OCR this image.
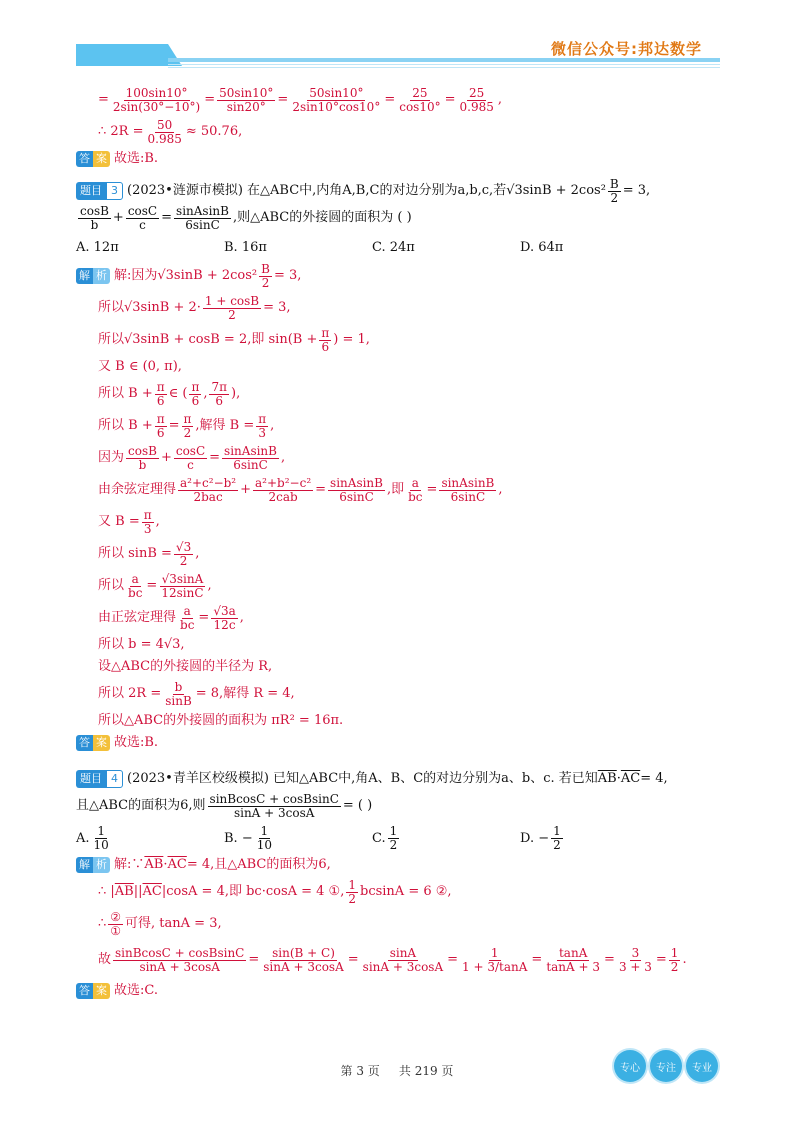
微信公众号:邦达数学
= $\frac{100\sin 10^\circ}{2\sin(30^\circ-10^\circ)} = \frac{50\sin 10^\circ}{\sin 20^\circ} = \frac{50\sin 10^\circ}{2\sin 10^\circ\cos 10^\circ} = \frac{25}{\cos 10^\circ} = \frac{25}{0.985}$ ,
∴ $2R = \frac{50}{0.985} \approx 50.76$,
答 案 故选:B.
题目 3 (2023•涟源市模拟) 在△ABC中,内角A,B,C的对边分别为a,b,c,若$√3\sin B + 2\cos^2 \frac{B}{2} = 3$,
$\frac{\cos B}{b} + \frac{\cos C}{c} = \frac{\text{sinAsinB}}{6\sin C}$ ,则△ABC的外接圆的面积为 ( )
A. 12π	B. 16π	C. 24π	D. 64π
解 析 解:因为$√3\sin B + 2\cos^2 \frac{B}{2} = 3$,
所以$√3\sin B + 2\cdot \frac{1 + \cos B}{2} = 3$,
所以√3sinB + cosB = 2,即 $\sin(B + \frac{\pi}{6}$ ) = 1,
又 B ∈ (0, π),
所以 $B + \frac{\pi}{6}$ ∈ ( $\frac{\pi}{6}$ , $\frac{7\pi}{6}$ ),
所以 $B + \frac{\pi}{6} = \frac{\pi}{2}$ ,解得 $B = \frac{\pi}{3}$ ,
因为 $\frac{\cos B}{b} + \frac{\cos C}{c} = \frac{\text{sinAsinB}}{6\sin C}$ ,
由余弦定理得 $\frac{\text{a²+c²−b²}}{\text{2bac}} + \frac{\text{a²+b²−c²}}{\text{2cab}} = \frac{\text{sinAsinB}}{6\sin C}$ ,即 $\frac{a}{bc} = \frac{\text{sinAsinB}}{6\sin C}$ ,
又 $B = \frac{\pi}{3}$ ,
所以 $\sin B = \frac{√3}{2}$ ,
所以 $\frac{a}{bc} = \frac{√3\sin A}{12\sin C}$ ,
由正弦定理得 $\frac{a}{bc} = \frac{√3a}{12c}$ ,
所以 b = 4√3,
设△ABC的外接圆的半径为 R,
所以 $2R = \frac{b}{\sin B} = 8$,解得 R = 4,
所以△ABC的外接圆的面积为 πR² = 16π.
答 案 故选:B.
题目 4 (2023•青羊区校级模拟) 已知△ABC中,角A、B、C的对边分别为a、b、c. 若已知 $\overline{AB} \cdot \overline{AC} = 4$,
且△ABC的面积为6,则 $\frac{\text{sinBcosC + cosBsinC}}{\sin A + 3\cos A}$ = ( )
A. $\frac{1}{10}$	B. − $\frac{1}{10}$	C. $\frac{1}{2}$	D. − $\frac{1}{2}$
解 析 解:∵ $\overline{AB} \cdot \overline{AC} = 4$,且△ABC的面积为6,
∴ | $\overline{AB}$ || $\overline{AC}$ |cosA = 4,即 bc·cosA = 4 ①, $\frac{1}{2}$ bcsinA = 6 ②,
∴ $\frac{\text{②}}{\text{①}}$ 可得, tanA = 3,
故 $\frac{\text{sinBcosC + cosBsinC}}{\sin A + 3\cos A} = \frac{\sin(B + C)}{\sin A + 3\cos A} = \frac{\sin A}{\sin A + 3\cos A} = \frac{1}{1 + 3/\tan A} = \frac{\tan A}{\tan A + 3} = \frac{3}{3 + 3} = \frac{1}{2}$ .
答 案 故选:C.
第 3 页 共 219 页	专心	专注	专业
